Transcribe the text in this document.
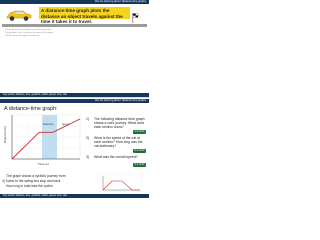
We are learning about: distance-time graphs
A distance-time graph plots the distance an object travels against the time it takes it to travel.
The graph shows the distance travelled against time.
The gradient of the line tells us the speed of the object.
Flat line means the object is stationary.
Key words: distance, time, gradient, scalar, speed, time, rate
We are learning about: distance-time graphs
A distance-time graph:
Distance (m)
Time (s)
Stationary	Speed
1) The following distance time graph shows a cat's journey. What does each section show?
1-2 mins
2) What is the speed of the cat at each section? How long was the cat stationary?
2-3 mins
3) What was the overall speed?
2-3 mins
4)
The graph shows a cyclist's journey from
home to the swing bus stop and back
How long in total was the cyclist
Key words: distance, time, gradient, scalar, speed, time, rate
